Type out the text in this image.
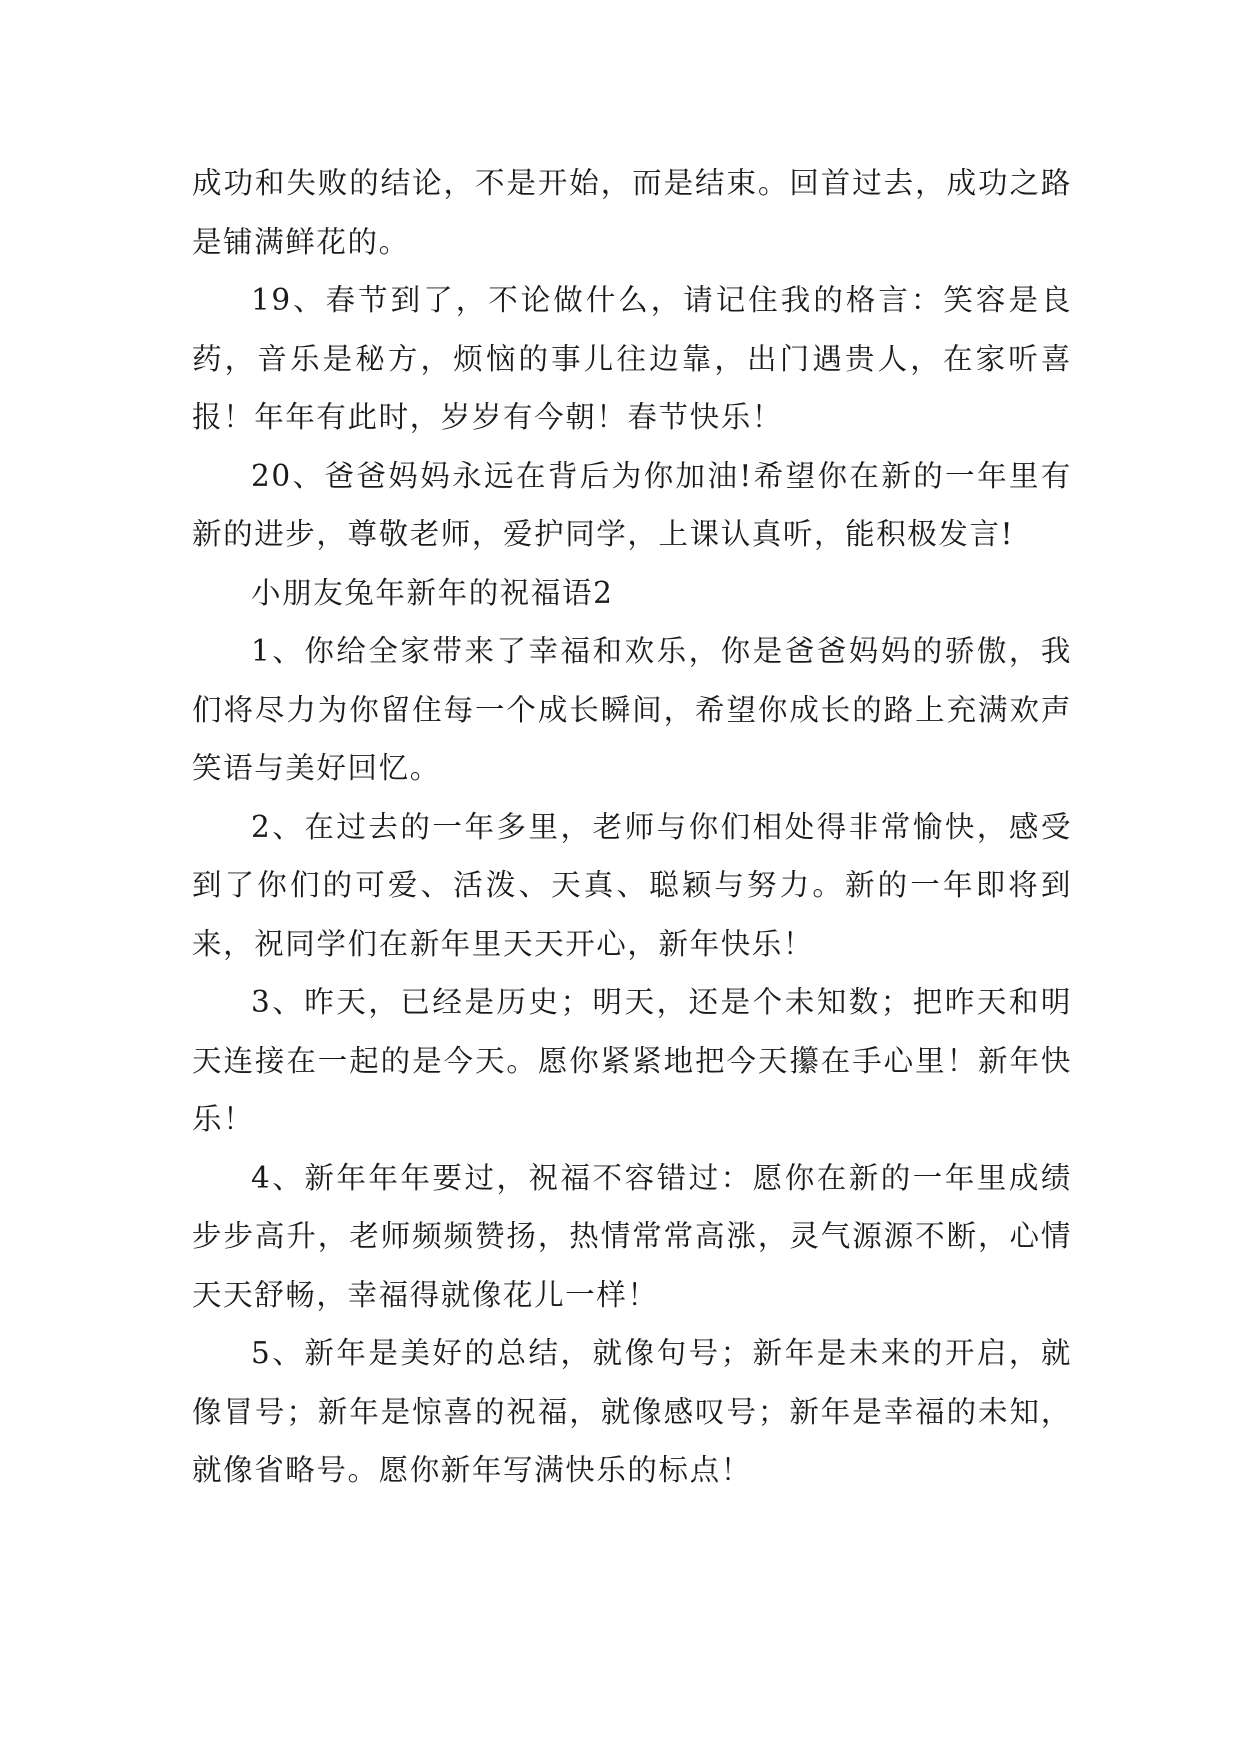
成功和失败的结论，不是开始，而是结束。回首过去，成功之路是铺满鲜花的。

19、春节到了，不论做什么，请记住我的格言：笑容是良药，音乐是秘方，烦恼的事儿往边靠，出门遇贵人，在家听喜报！年年有此时，岁岁有今朝！春节快乐！

20、爸爸妈妈永远在背后为你加油!希望你在新的一年里有新的进步，尊敬老师，爱护同学，上课认真听，能积极发言!

小朋友兔年新年的祝福语2

1、你给全家带来了幸福和欢乐，你是爸爸妈妈的骄傲，我们将尽力为你留住每一个成长瞬间，希望你成长的路上充满欢声笑语与美好回忆。

2、在过去的一年多里，老师与你们相处得非常愉快，感受到了你们的可爱、活泼、天真、聪颖与努力。新的一年即将到来，祝同学们在新年里天天开心，新年快乐！

3、昨天，已经是历史；明天，还是个未知数；把昨天和明天连接在一起的是今天。愿你紧紧地把今天攥在手心里！新年快乐！

4、新年年年要过，祝福不容错过：愿你在新的一年里成绩步步高升，老师频频赞扬，热情常常高涨，灵气源源不断，心情天天舒畅，幸福得就像花儿一样！

5、新年是美好的总结，就像句号；新年是未来的开启，就像冒号；新年是惊喜的祝福，就像感叹号；新年是幸福的未知，就像省略号。愿你新年写满快乐的标点！
